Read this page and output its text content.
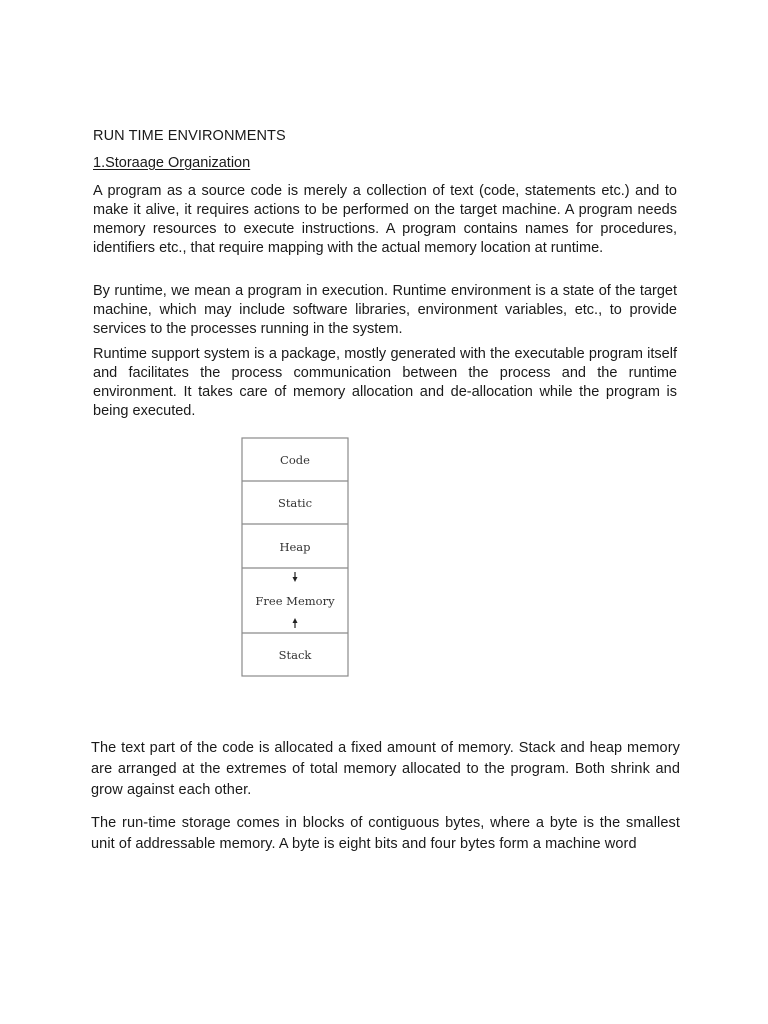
RUN TIME ENVIRONMENTS
1.Storaage Organization

A program as a source code is merely a collection of text (code, statements etc.) and to make it alive, it requires actions to be performed on the target machine. A program needs memory resources to execute instructions. A program contains names for procedures, identifiers etc., that require mapping with the actual memory location at runtime.

By runtime, we mean a program in execution. Runtime environment is a state of the target machine, which may include software libraries, environment variables, etc., to provide services to the processes running in the system.

Runtime support system is a package, mostly generated with the executable program itself and facilitates the process communication between the process and the runtime environment. It takes care of memory allocation and de-allocation while the program is being executed.

Code
Static
Heap
Free Memory
Stack

The text part of the code is allocated a fixed amount of memory. Stack and heap memory are arranged at the extremes of total memory allocated to the program. Both shrink and grow against each other.

The run-time storage comes in blocks of contiguous bytes, where a byte is the smallest unit of addressable memory. A byte is eight bits and four bytes form a machine word
